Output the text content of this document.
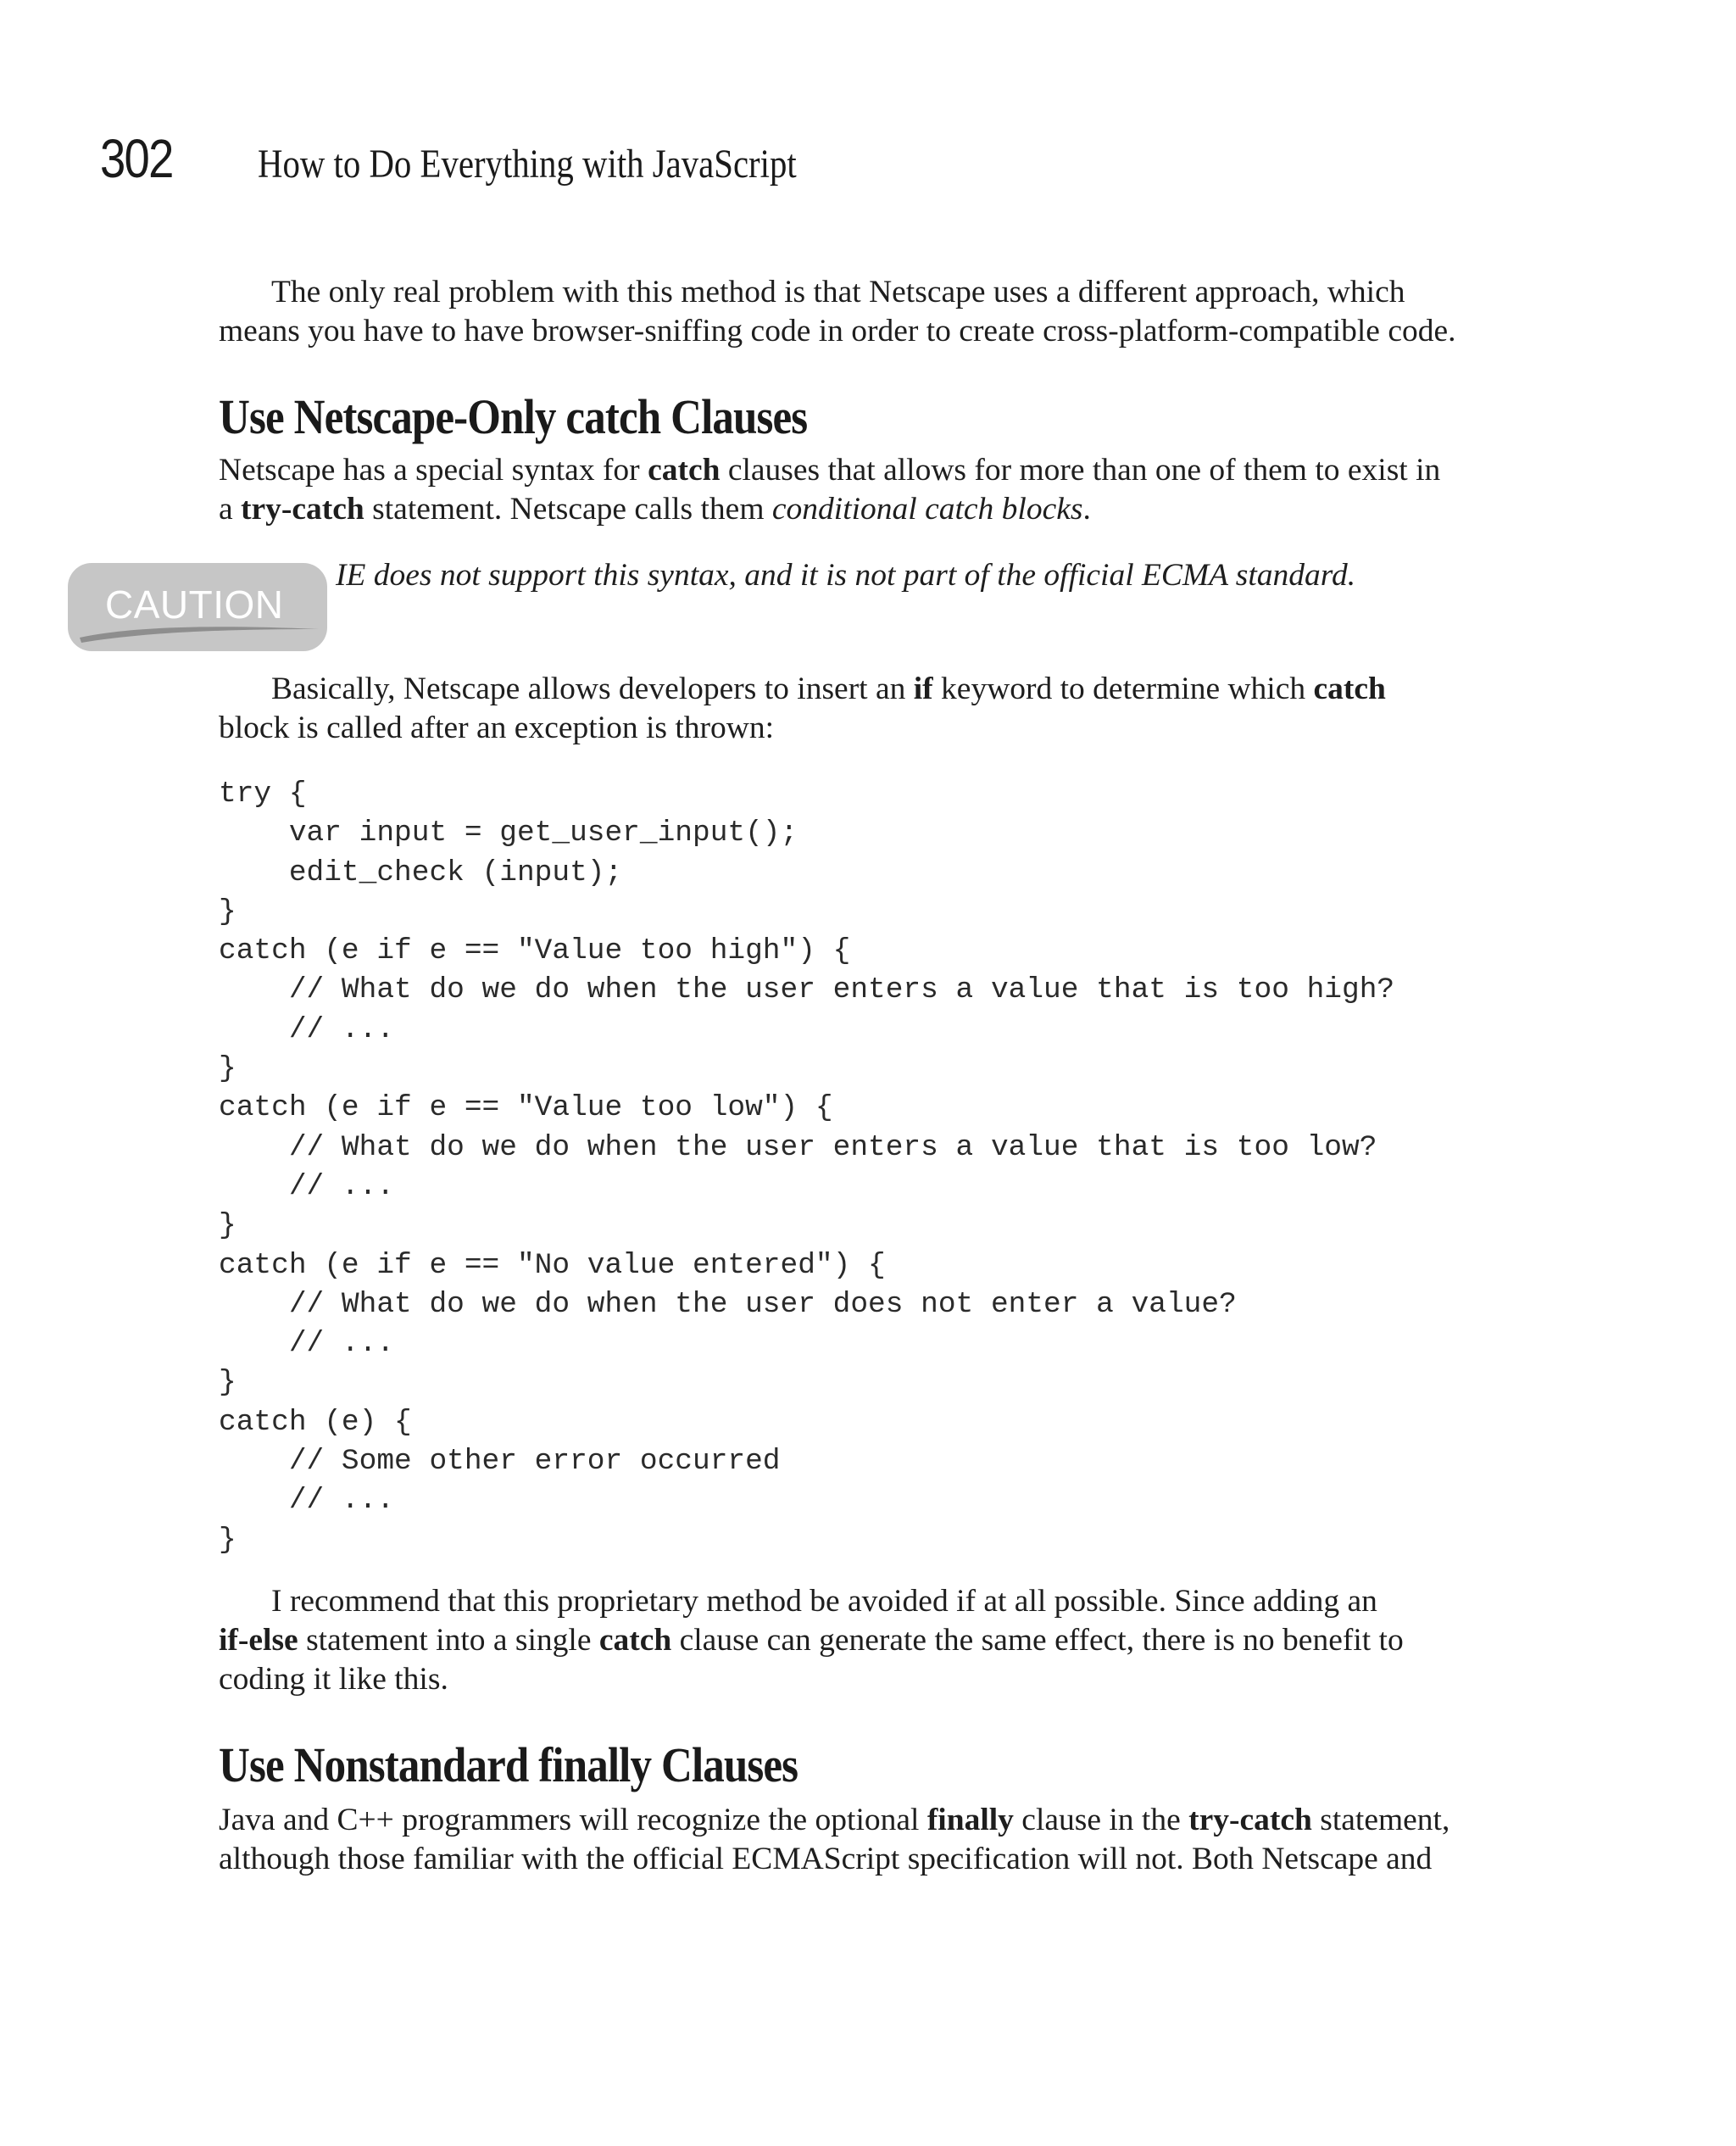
302 How to Do Everything with JavaScript

The only real problem with this method is that Netscape uses a different approach, which
means you have to have browser-sniffing code in order to create cross-platform-compatible code.

Use Netscape-Only catch Clauses

Netscape has a special syntax for catch clauses that allows for more than one of them to exist in
a try-catch statement. Netscape calls them conditional catch blocks.

CAUTION

IE does not support this syntax, and it is not part of the official ECMA standard.

Basically, Netscape allows developers to insert an if keyword to determine which catch
block is called after an exception is thrown:

try {
var input = get_user_input();
edit_check (input);
}
catch (e if e == "Value too high") {
// What do we do when the user enters a value that is too high?
// ...
}
catch (e if e == "Value too low") {
// What do we do when the user enters a value that is too low?
// ...
}
catch (e if e == "No value entered") {
// What do we do when the user does not enter a value?
// ...
}
catch (e) {
// Some other error occurred
// ...
}

I recommend that this proprietary method be avoided if at all possible. Since adding an
if-else statement into a single catch clause can generate the same effect, there is no benefit to
coding it like this.

Use Nonstandard finally Clauses

Java and C++ programmers will recognize the optional finally clause in the try-catch statement,
although those familiar with the official ECMAScript specification will not. Both Netscape and
